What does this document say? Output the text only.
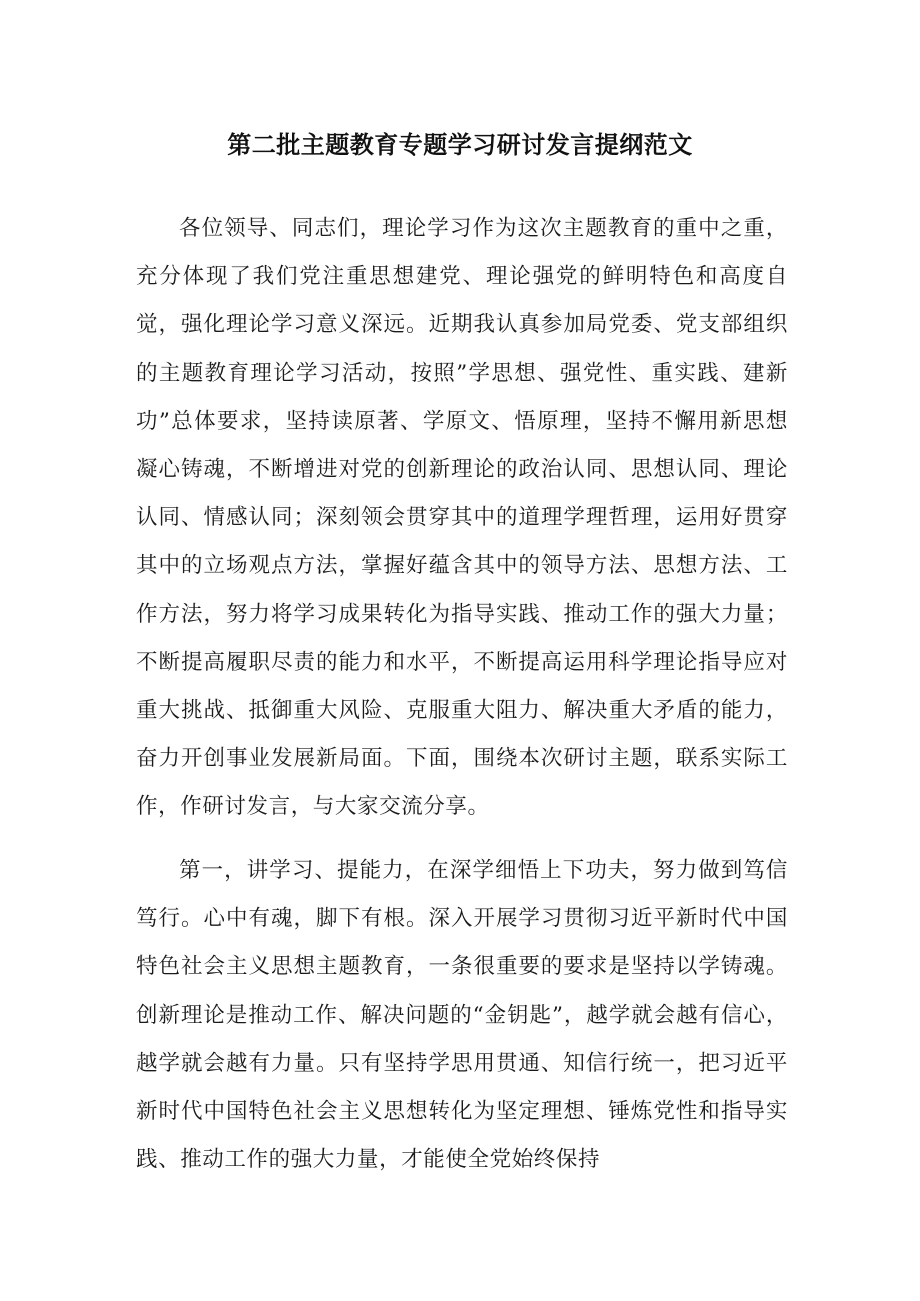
第二批主题教育专题学习研讨发言提纲范文

各位领导、同志们，理论学习作为这次主题教育的重中之重，充分体现了我们党注重思想建党、理论强党的鲜明特色和高度自觉，强化理论学习意义深远。近期我认真参加局党委、党支部组织的主题教育理论学习活动，按照”学思想、强党性、重实践、建新功”总体要求，坚持读原著、学原文、悟原理，坚持不懈用新思想凝心铸魂，不断增进对党的创新理论的政治认同、思想认同、理论认同、情感认同；深刻领会贯穿其中的道理学理哲理，运用好贯穿其中的立场观点方法，掌握好蕴含其中的领导方法、思想方法、工作方法，努力将学习成果转化为指导实践、推动工作的强大力量；不断提高履职尽责的能力和水平，不断提高运用科学理论指导应对重大挑战、抵御重大风险、克服重大阻力、解决重大矛盾的能力，奋力开创事业发展新局面。下面，围绕本次研讨主题，联系实际工作，作研讨发言，与大家交流分享。

第一，讲学习、提能力，在深学细悟上下功夫，努力做到笃信笃行。心中有魂，脚下有根。深入开展学习贯彻习近平新时代中国特色社会主义思想主题教育，一条很重要的要求是坚持以学铸魂。创新理论是推动工作、解决问题的“金钥匙”，越学就会越有信心，越学就会越有力量。只有坚持学思用贯通、知信行统一，把习近平新时代中国特色社会主义思想转化为坚定理想、锤炼党性和指导实践、推动工作的强大力量，才能使全党始终保持
